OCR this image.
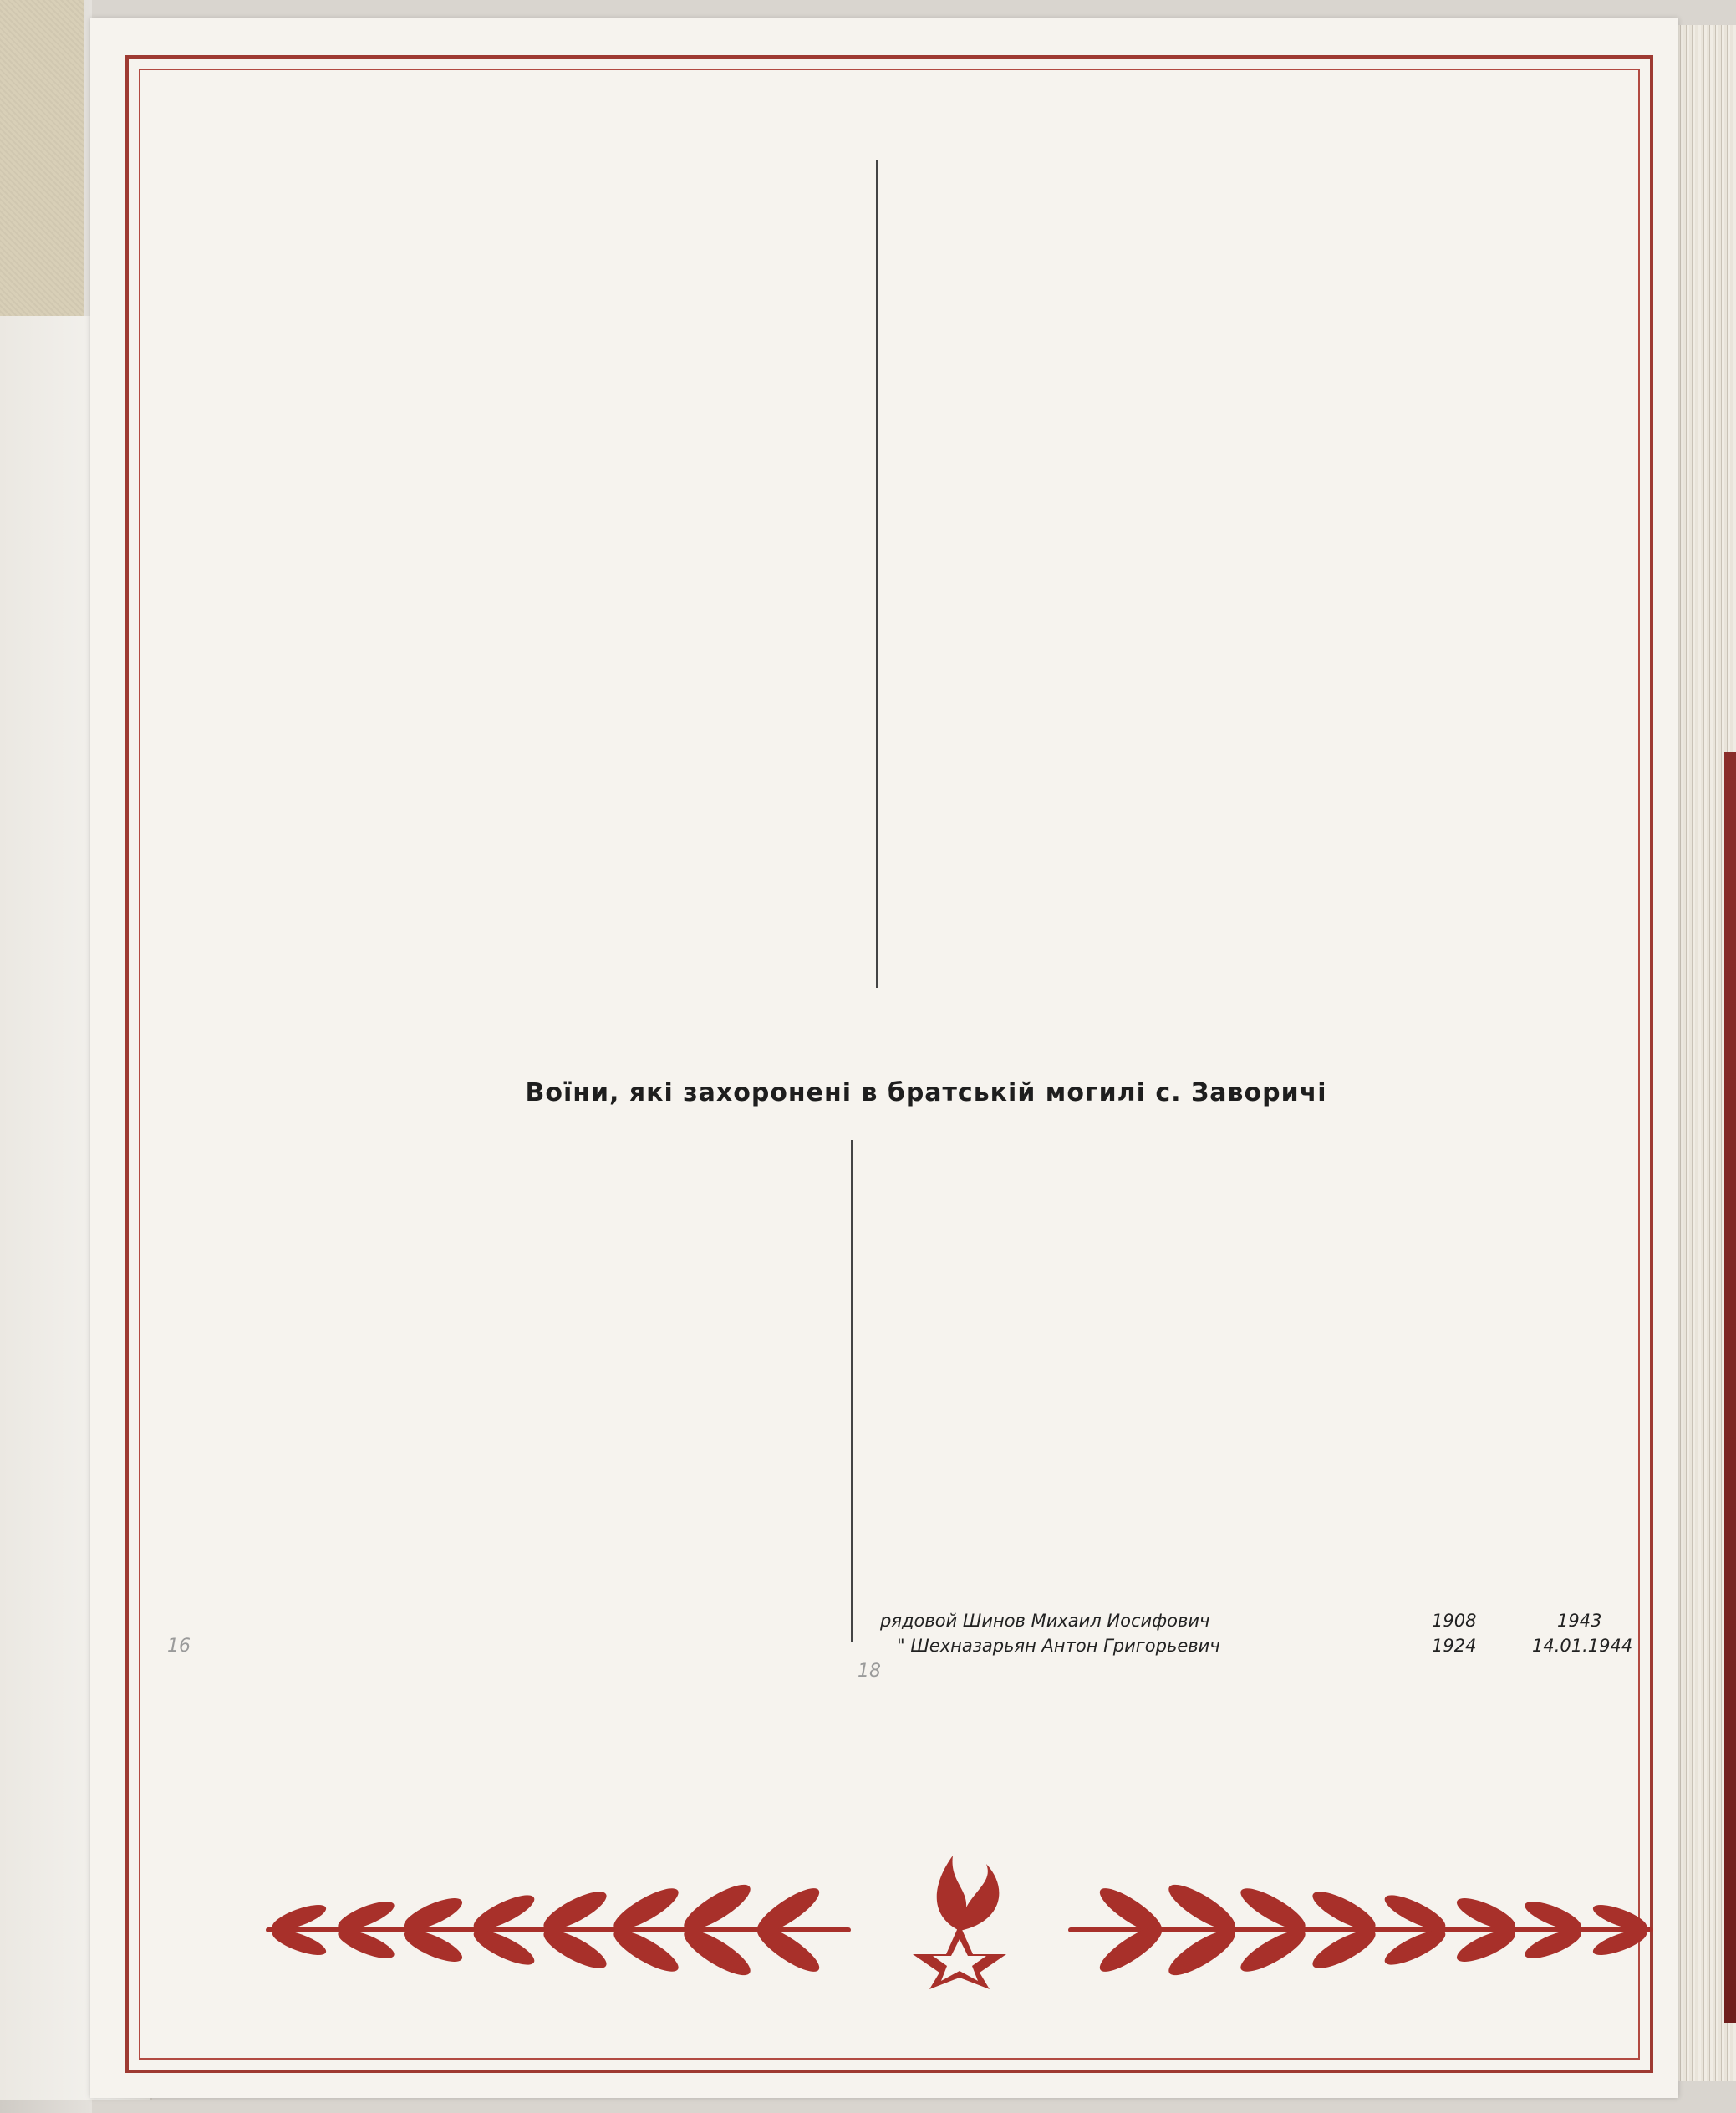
Воїни, які захоронені в братській могилі с. Заворичі
рядовой Шинов Михаил Иосифович	1908	1943
" Шехназарьян Антон Григорьевич	1924	14.01.1944
16
18
